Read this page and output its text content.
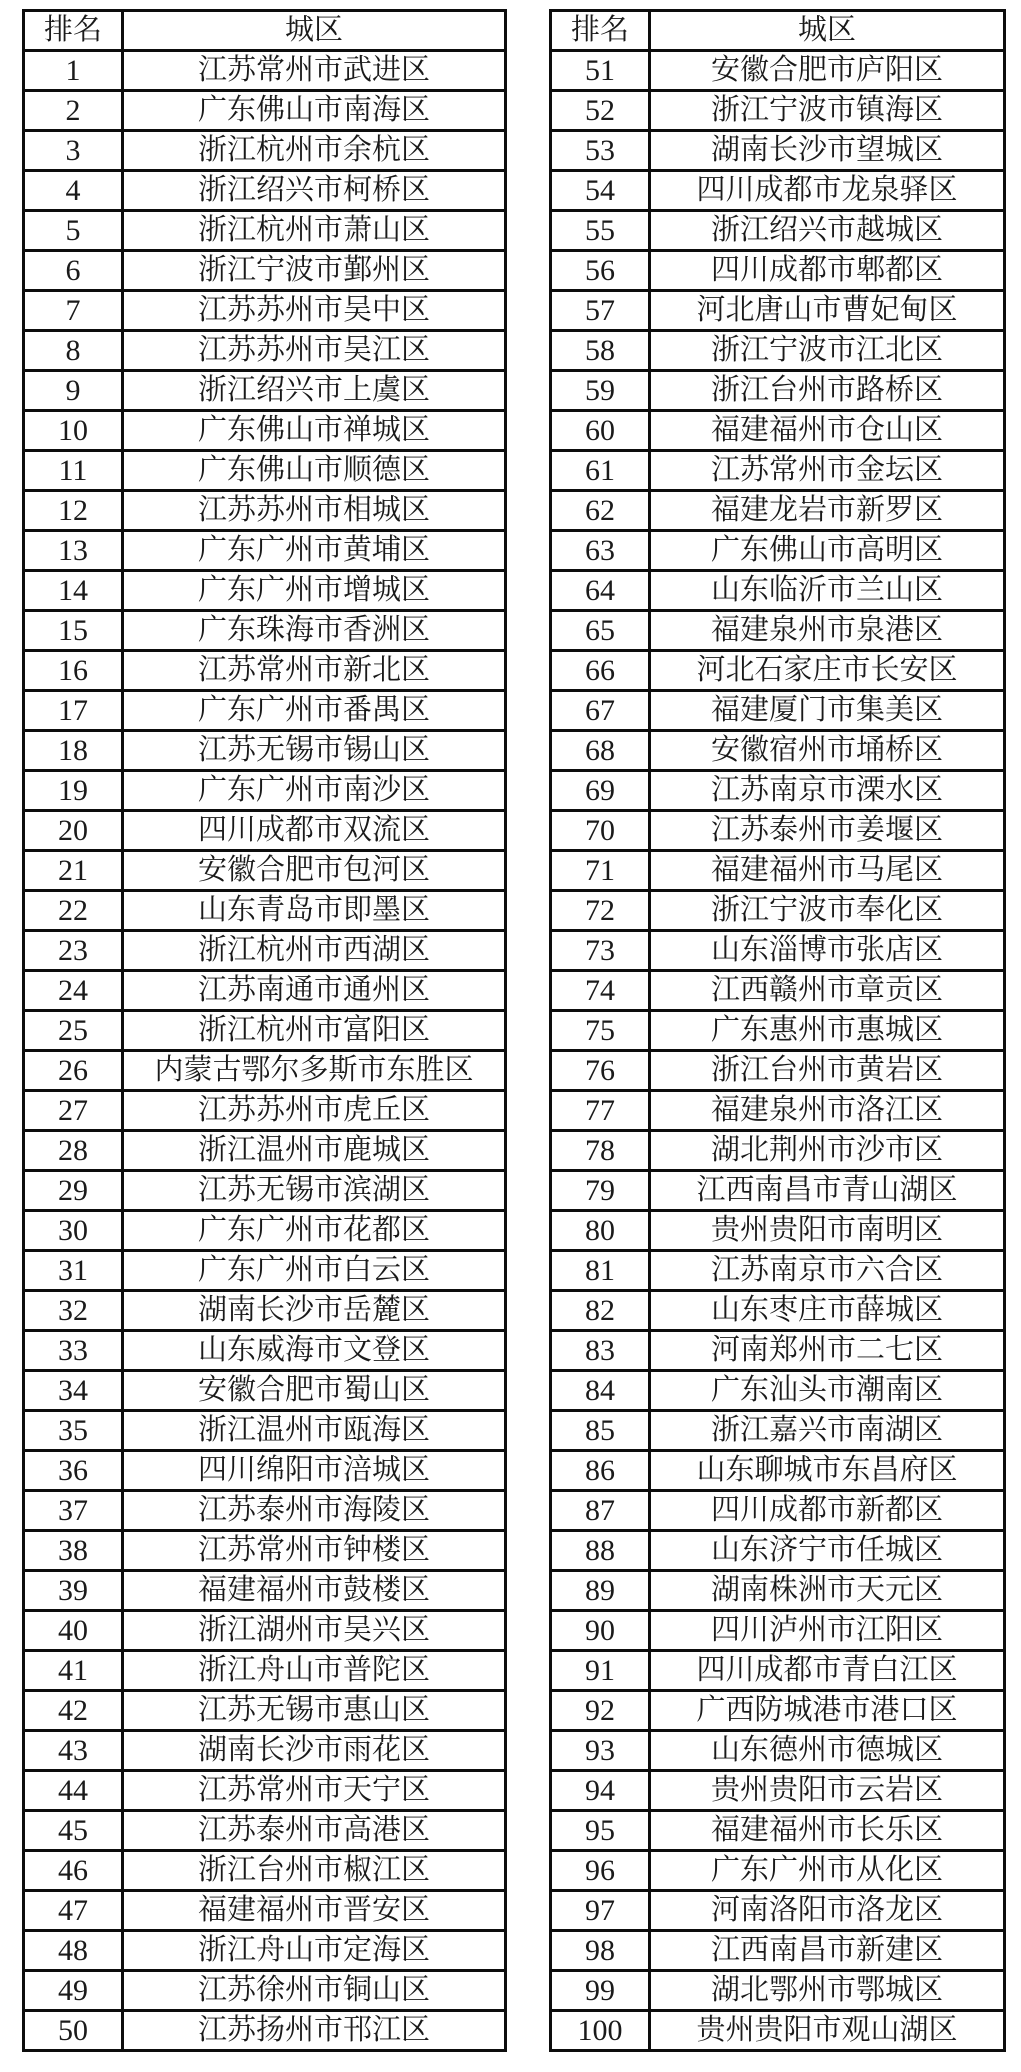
排名	城区
1	江苏常州市武进区
2	广东佛山市南海区
3	浙江杭州市余杭区
4	浙江绍兴市柯桥区
5	浙江杭州市萧山区
6	浙江宁波市鄞州区
7	江苏苏州市吴中区
8	江苏苏州市吴江区
9	浙江绍兴市上虞区
10	广东佛山市禅城区
11	广东佛山市顺德区
12	江苏苏州市相城区
13	广东广州市黄埔区
14	广东广州市增城区
15	广东珠海市香洲区
16	江苏常州市新北区
17	广东广州市番禺区
18	江苏无锡市锡山区
19	广东广州市南沙区
20	四川成都市双流区
21	安徽合肥市包河区
22	山东青岛市即墨区
23	浙江杭州市西湖区
24	江苏南通市通州区
25	浙江杭州市富阳区
26	内蒙古鄂尔多斯市东胜区
27	江苏苏州市虎丘区
28	浙江温州市鹿城区
29	江苏无锡市滨湖区
30	广东广州市花都区
31	广东广州市白云区
32	湖南长沙市岳麓区
33	山东威海市文登区
34	安徽合肥市蜀山区
35	浙江温州市瓯海区
36	四川绵阳市涪城区
37	江苏泰州市海陵区
38	江苏常州市钟楼区
39	福建福州市鼓楼区
40	浙江湖州市吴兴区
41	浙江舟山市普陀区
42	江苏无锡市惠山区
43	湖南长沙市雨花区
44	江苏常州市天宁区
45	江苏泰州市高港区
46	浙江台州市椒江区
47	福建福州市晋安区
48	浙江舟山市定海区
49	江苏徐州市铜山区
50	江苏扬州市邗江区
排名	城区
51	安徽合肥市庐阳区
52	浙江宁波市镇海区
53	湖南长沙市望城区
54	四川成都市龙泉驿区
55	浙江绍兴市越城区
56	四川成都市郫都区
57	河北唐山市曹妃甸区
58	浙江宁波市江北区
59	浙江台州市路桥区
60	福建福州市仓山区
61	江苏常州市金坛区
62	福建龙岩市新罗区
63	广东佛山市高明区
64	山东临沂市兰山区
65	福建泉州市泉港区
66	河北石家庄市长安区
67	福建厦门市集美区
68	安徽宿州市埇桥区
69	江苏南京市溧水区
70	江苏泰州市姜堰区
71	福建福州市马尾区
72	浙江宁波市奉化区
73	山东淄博市张店区
74	江西赣州市章贡区
75	广东惠州市惠城区
76	浙江台州市黄岩区
77	福建泉州市洛江区
78	湖北荆州市沙市区
79	江西南昌市青山湖区
80	贵州贵阳市南明区
81	江苏南京市六合区
82	山东枣庄市薛城区
83	河南郑州市二七区
84	广东汕头市潮南区
85	浙江嘉兴市南湖区
86	山东聊城市东昌府区
87	四川成都市新都区
88	山东济宁市任城区
89	湖南株洲市天元区
90	四川泸州市江阳区
91	四川成都市青白江区
92	广西防城港市港口区
93	山东德州市德城区
94	贵州贵阳市云岩区
95	福建福州市长乐区
96	广东广州市从化区
97	河南洛阳市洛龙区
98	江西南昌市新建区
99	湖北鄂州市鄂城区
100	贵州贵阳市观山湖区
